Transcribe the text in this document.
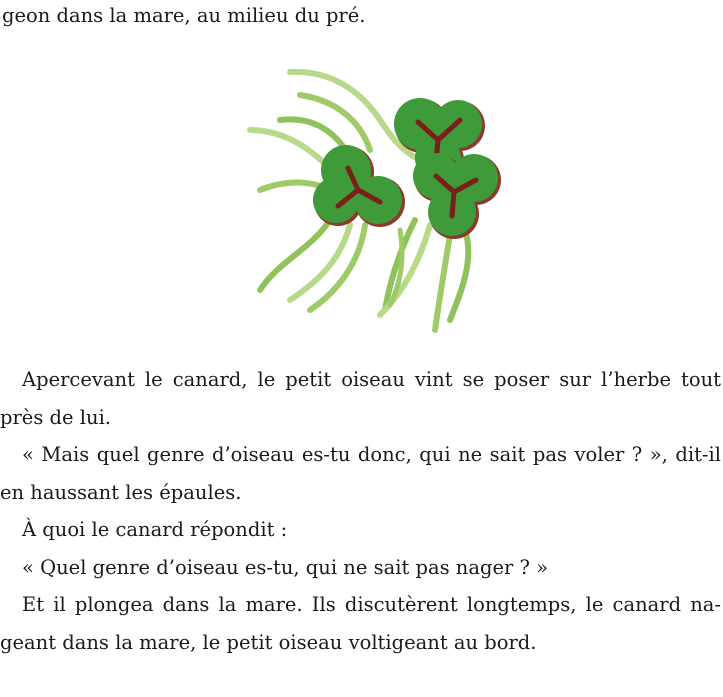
geon dans la mare, au milieu du pré.

Apercevant le canard, le petit oiseau vint se poser sur l’herbe tout près de lui.

« Mais quel genre d’oiseau es-tu donc, qui ne sait pas voler ? », dit-il en haussant les épaules.

À quoi le canard répondit :

« Quel genre d’oiseau es-tu, qui ne sait pas nager ? »

Et il plongea dans la mare. Ils discutèrent longtemps, le canard nageant dans la mare, le petit oiseau voltigeant au bord.
